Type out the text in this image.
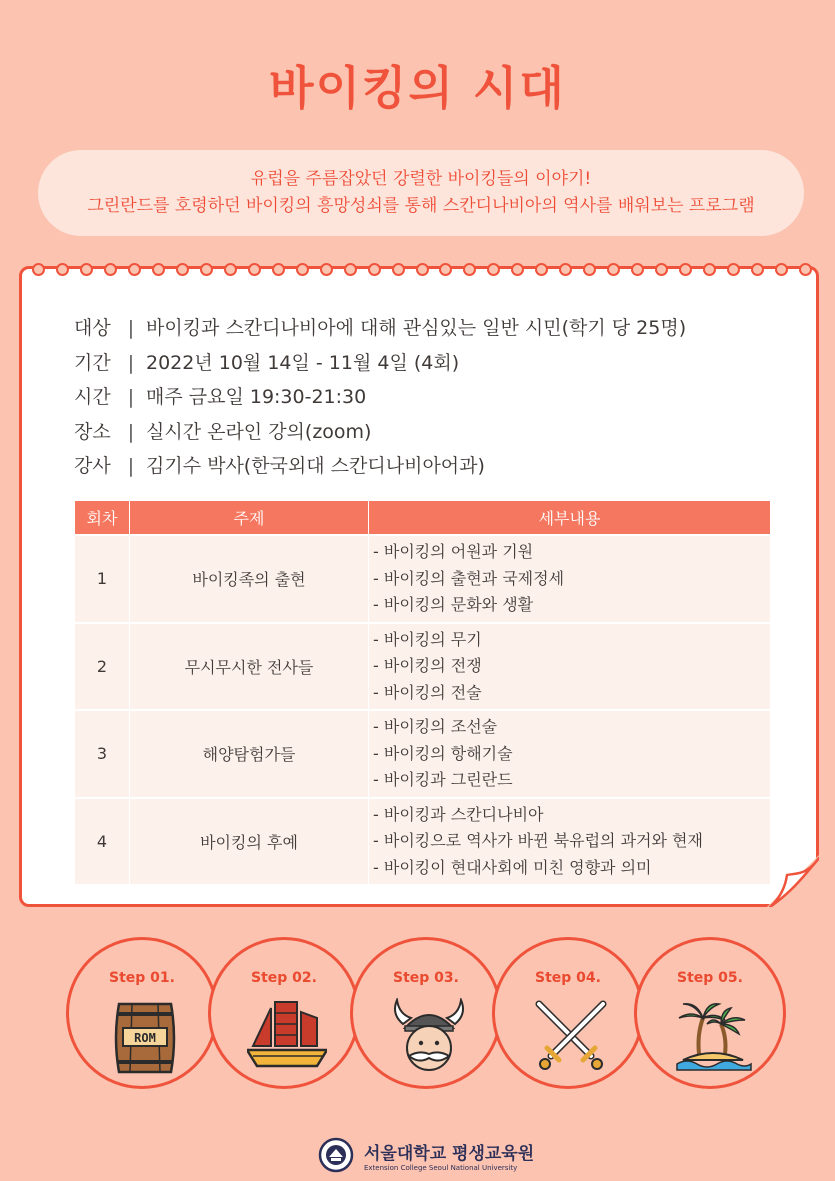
바이킹의 시대
유럽을 주름잡았던 강렬한 바이킹들의 이야기!
그린란드를 호령하던 바이킹의 흥망성쇠를 통해 스칸디나비아의 역사를 배워보는 프로그램
대상 | 바이킹과 스칸디나비아에 대해 관심있는 일반 시민(학기 당 25명)
기간 | 2022년 10월 14일 - 11월 4일 (4회)
시간 | 매주 금요일 19:30-21:30
장소 | 실시간 온라인 강의(zoom)
강사 | 김기수 박사(한국외대 스칸디나비아어과)
회차	주제	세부내용
1	바이킹족의 출현	- 바이킹의 어원과 기원
- 바이킹의 출현과 국제정세
- 바이킹의 문화와 생활

2	무시무시한 전사들	- 바이킹의 무기
- 바이킹의 전쟁
- 바이킹의 전술

3	해양탐험가들	- 바이킹의 조선술
- 바이킹의 항해기술
- 바이킹과 그린란드

4	바이킹의 후예	- 바이킹과 스칸디나비아
- 바이킹으로 역사가 바뀐 북유럽의 과거와 현재
- 바이킹이 현대사회에 미친 영향과 의미
Step 01.
ROM
Step 02.	Step 03.	Step 04.	Step 05.
서울대학교 평생교육원
Extension College Seoul National University
